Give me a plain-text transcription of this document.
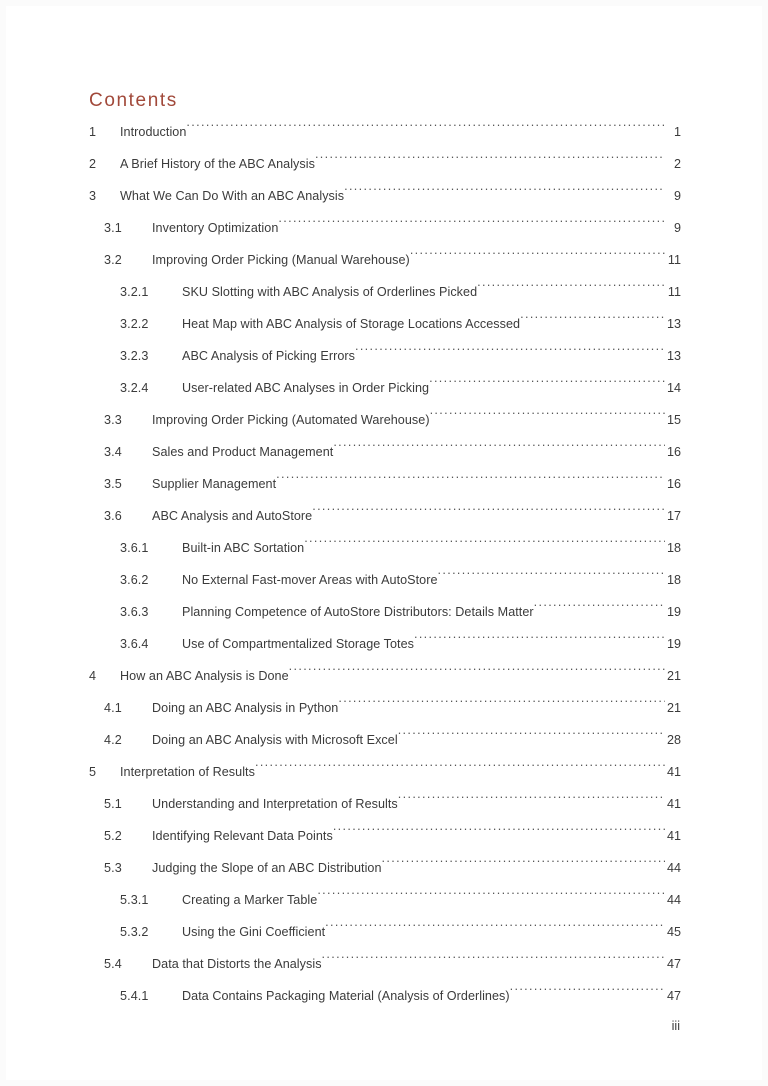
Contents
1	Introduction .....	1
2	A Brief History of the ABC Analysis .....	2
3	What We Can Do With an ABC Analysis .....	9
3.1	Inventory Optimization .....	9
3.2	Improving Order Picking (Manual Warehouse) .....	11
3.2.1	SKU Slotting with ABC Analysis of Orderlines Picked .....	11
3.2.2	Heat Map with ABC Analysis of Storage Locations Accessed .....	13
3.2.3	ABC Analysis of Picking Errors .....	13
3.2.4	User-related ABC Analyses in Order Picking .....	14
3.3	Improving Order Picking (Automated Warehouse) .....	15
3.4	Sales and Product Management .....	16
3.5	Supplier Management .....	16
3.6	ABC Analysis and AutoStore .....	17
3.6.1	Built-in ABC Sortation .....	18
3.6.2	No External Fast-mover Areas with AutoStore .....	18
3.6.3	Planning Competence of AutoStore Distributors: Details Matter .....	19
3.6.4	Use of Compartmentalized Storage Totes .....	19
4	How an ABC Analysis is Done .....	21
4.1	Doing an ABC Analysis in Python .....	21
4.2	Doing an ABC Analysis with Microsoft Excel .....	28
5	Interpretation of Results .....	41
5.1	Understanding and Interpretation of Results .....	41
5.2	Identifying Relevant Data Points .....	41
5.3	Judging the Slope of an ABC Distribution .....	44
5.3.1	Creating a Marker Table .....	44
5.3.2	Using the Gini Coefficient .....	45
5.4	Data that Distorts the Analysis .....	47
5.4.1	Data Contains Packaging Material (Analysis of Orderlines) .....	47
iii
